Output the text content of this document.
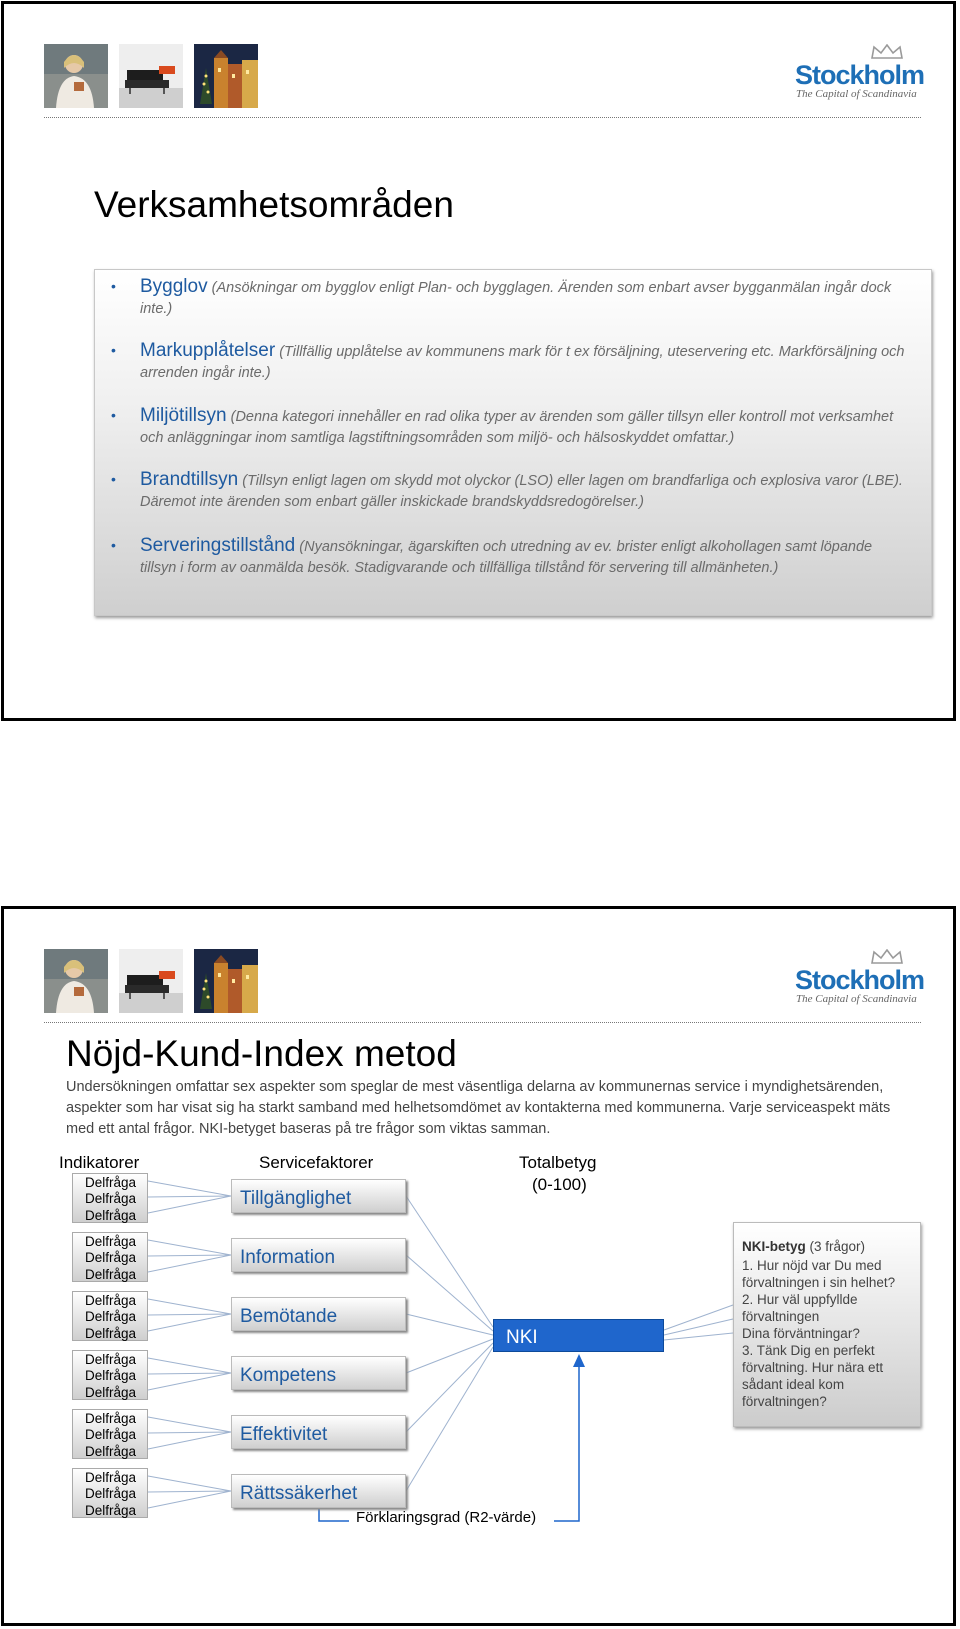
Stockholm
The Capital of Scandinavia
Verksamhetsområden
• Bygglov (Ansökningar om bygglov enligt Plan- och bygglagen. Ärenden som enbart avser bygganmälan ingår dock inte.)
• Markupplåtelser (Tillfällig upplåtelse av kommunens mark för t ex försäljning, uteservering etc. Markförsäljning och arrenden ingår inte.)
• Miljötillsyn (Denna kategori innehåller en rad olika typer av ärenden som gäller tillsyn eller kontroll mot verksamhet och anläggningar inom samtliga lagstiftningsområden som miljö- och hälsoskyddet omfattar.)
• Brandtillsyn (Tillsyn enligt lagen om skydd mot olyckor (LSO) eller lagen om brandfarliga och explosiva varor (LBE). Däremot inte ärenden som enbart gäller inskickade brandskyddsredogörelser.)
• Serveringstillstånd (Nyansökningar, ägarskiften och utredning av ev. brister enligt alkohollagen samt löpande tillsyn i form av oanmälda besök. Stadigvarande och tillfälliga tillstånd för servering till allmänheten.)
Stockholm
The Capital of Scandinavia
Nöjd-Kund-Index metod
Undersökningen omfattar sex aspekter som speglar de mest väsentliga delarna av kommunernas service i myndighetsärenden, aspekter som har visat sig ha starkt samband med helhetsomdömet av kontakterna med kommunerna. Varje serviceaspekt mäts med ett antal frågor. NKI-betyget baseras på tre frågor som viktas samman.
Indikatorer	Servicefaktorer	Totalbetyg
(0-100)
Delfråga
Delfråga
Delfråga
Delfråga
Delfråga
Delfråga
Delfråga
Delfråga
Delfråga
Delfråga
Delfråga
Delfråga
Delfråga
Delfråga
Delfråga
Delfråga
Delfråga
Delfråga
Tillgänglighet
Information
Bemötande
Kompetens
Effektivitet
Rättssäkerhet
NKI
NKI-betyg (3 frågor)
1. Hur nöjd var Du med förvaltningen i sin helhet?
2. Hur väl uppfyllde förvaltningen
Dina förväntningar?
3. Tänk Dig en perfekt förvaltning. Hur nära ett sådant ideal kom förvaltningen?
Förklaringsgrad (R2-värde)
